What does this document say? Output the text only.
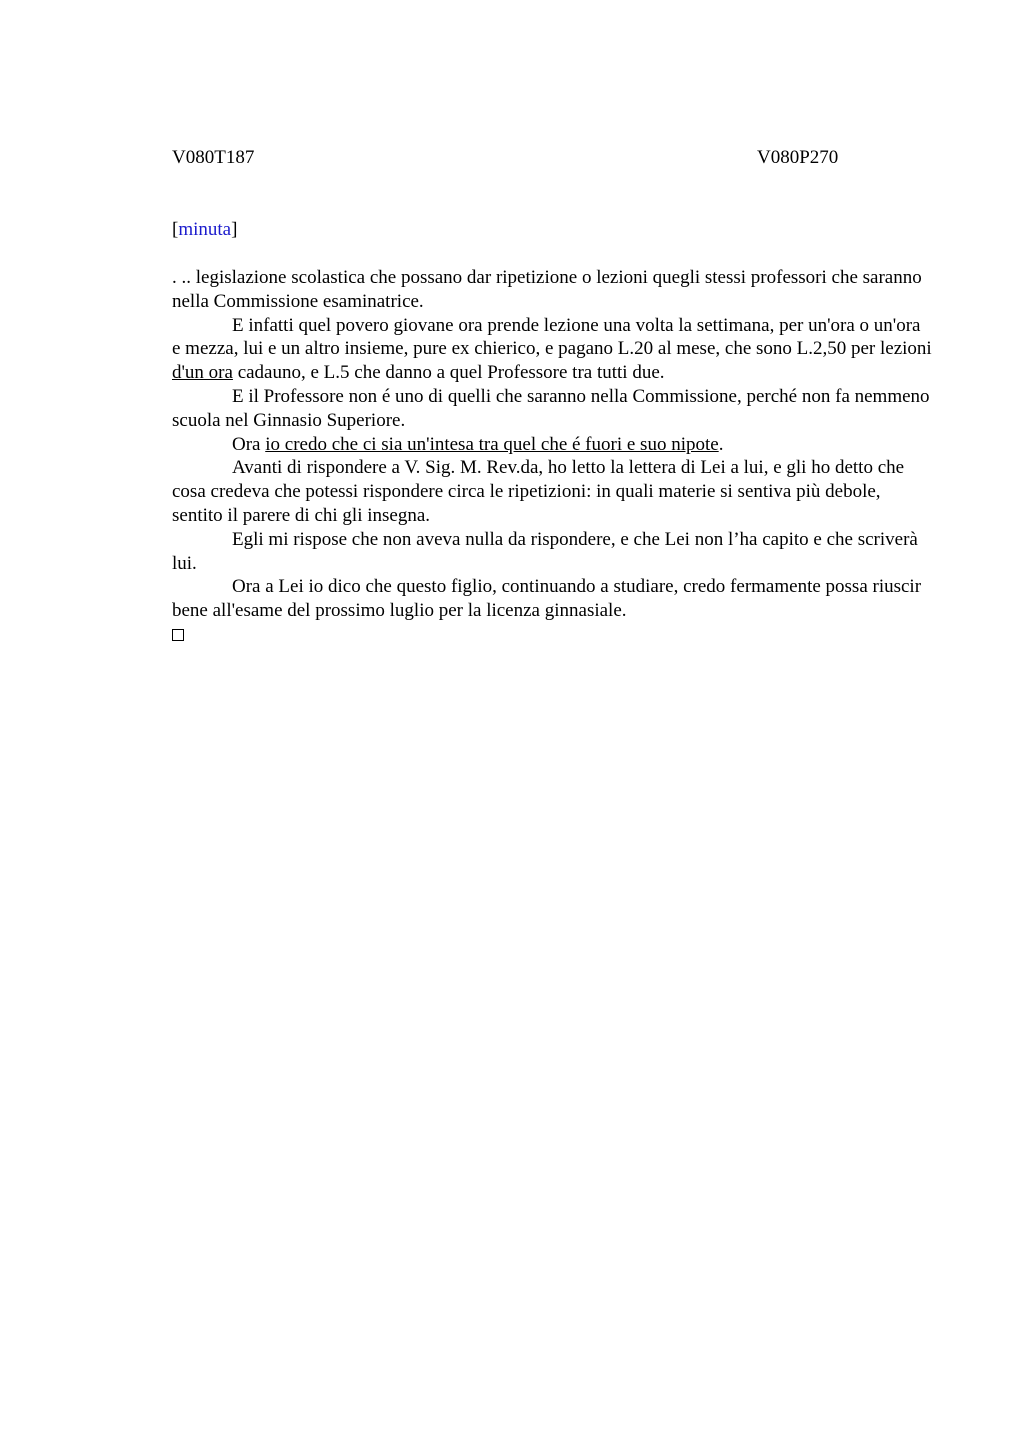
V080T187	V080P270
[minuta]

. .. legislazione scolastica che possano dar ripetizione o lezioni quegli stessi professori che saranno nella Commissione esaminatrice.

E infatti quel povero giovane ora prende lezione una volta la settimana, per un'ora o un'ora e mezza, lui e un altro insieme, pure ex chierico, e pagano L.20 al mese, che sono L.2,50 per lezioni d'un ora cadauno, e L.5 che danno a quel Professore tra tutti due.

E il Professore non é uno di quelli che saranno nella Commissione, perché non fa nemmeno scuola nel Ginnasio Superiore.

Ora io credo che ci sia un'intesa tra quel che é fuori e suo nipote.

Avanti di rispondere a V. Sig. M. Rev.da, ho letto la lettera di Lei a lui, e gli ho detto che cosa credeva che potessi rispondere circa le ripetizioni: in quali materie si sentiva più debole, sentito il parere di chi gli insegna.

Egli mi rispose che non aveva nulla da rispondere, e che Lei non l’ha capito e che scriverà lui.

Ora a Lei io dico che questo figlio, continuando a studiare, credo fermamente possa riuscir bene all'esame del prossimo luglio per la licenza ginnasiale.
